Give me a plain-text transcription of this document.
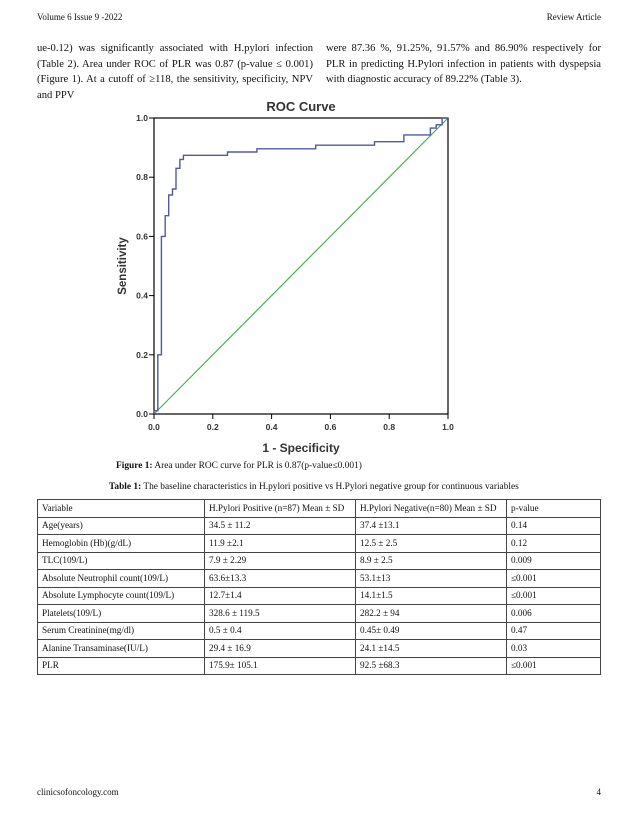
Volume 6 Issue 9 -2022	Review Article

ue-0.12) was significantly associated with H.pylori infection (Table 2). Area under ROC of PLR was 0.87 (p-value ≤ 0.001) (Figure 1). At a cutoff of ≥118, the sensitivity, specificity, NPV and PPV

were 87.36 %, 91.25%, 91.57% and 86.90% respectively for PLR in predicting H.Pylori infection in patients with dyspepsia with diagnostic accuracy of 89.22% (Table 3).

ROC Curve
0.0	0.2	0.4	0.6	0.8	1.0
0.0
0.2
0.4
0.6
0.8
1.0
1 - Specificity
Sensitivity
Figure 1: Area under ROC curve for PLR is 0.87(p-value≤0.001)
Table 1: The baseline characteristics in H.pylori positive vs H.Pylori negative group for continuous variables
Variable	H.Pylori Positive (n=87) Mean ± SD	H.Pylori Negative(n=80) Mean ± SD	p-value
Age(years)	34.5 ± 11.2	37.4 ±13.1	0.14
Hemoglobin (Hb)(g/dL)	11.9 ±2.1	12.5 ± 2.5	0.12
TLC(109/L)	7.9 ± 2.29	8.9 ± 2.5	0.009
Absolute Neutrophil count(109/L)	63.6±13.3	53.1±13	≤0.001
Absolute Lymphocyte count(109/L)	12.7±1.4	14.1±1.5	≤0.001
Platelets(109/L)	328.6 ± 119.5	282.2 ± 94	0.006
Serum Creatinine(mg/dl)	0.5 ± 0.4	0.45± 0.49	0.47
Alanine Transaminase(IU/L)	29.4 ± 16.9	24.1 ±14.5	0.03
PLR	175.9± 105.1	92.5 ±68.3	≤0.001
clinicsofoncology.com	4
